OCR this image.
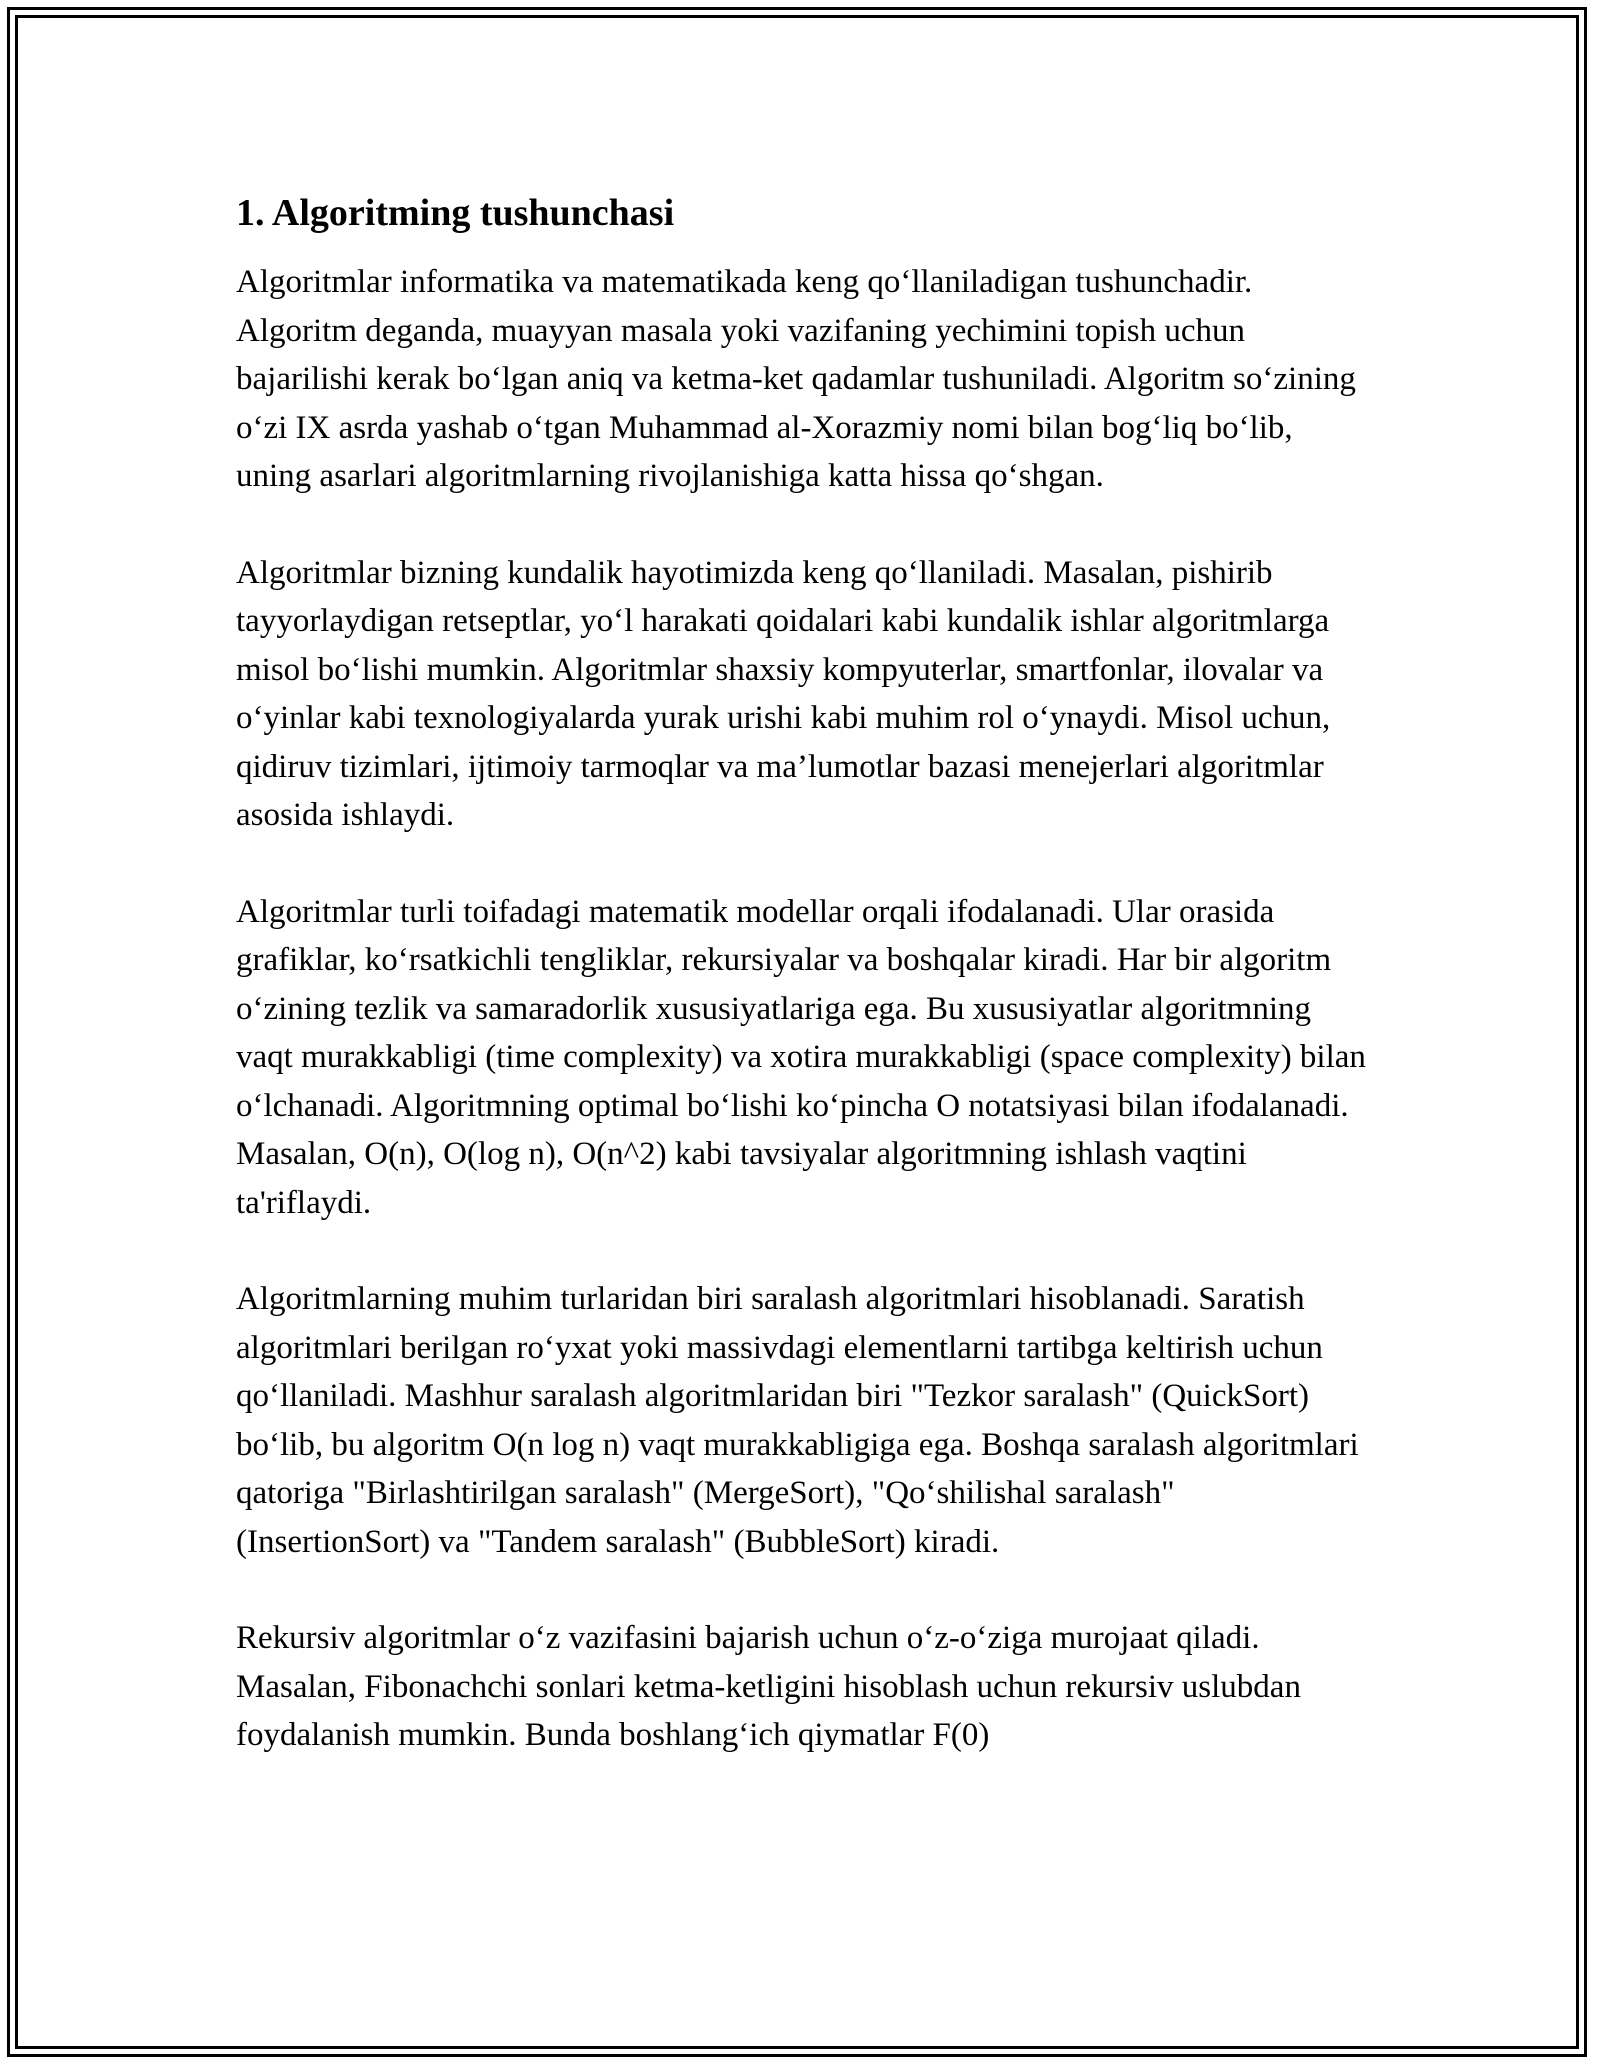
1. Algoritming tushunchasi

Algoritmlar informatika va matematikada keng qo‘llaniladigan tushunchadir. Algoritm deganda, muayyan masala yoki vazifaning yechimini topish uchun bajarilishi kerak bo‘lgan aniq va ketma-ket qadamlar tushuniladi. Algoritm so‘zining o‘zi IX asrda yashab o‘tgan Muhammad al-Xorazmiy nomi bilan bog‘liq bo‘lib, uning asarlari algoritmlarning rivojlanishiga katta hissa qo‘shgan.

Algoritmlar bizning kundalik hayotimizda keng qo‘llaniladi. Masalan, pishirib tayyorlaydigan retseptlar, yo‘l harakati qoidalari kabi kundalik ishlar algoritmlarga misol bo‘lishi mumkin. Algoritmlar shaxsiy kompyuterlar, smartfonlar, ilovalar va o‘yinlar kabi texnologiyalarda yurak urishi kabi muhim rol o‘ynaydi. Misol uchun, qidiruv tizimlari, ijtimoiy tarmoqlar va ma’lumotlar bazasi menejerlari algoritmlar asosida ishlaydi.

Algoritmlar turli toifadagi matematik modellar orqali ifodalanadi. Ular orasida grafiklar, ko‘rsatkichli tengliklar, rekursiyalar va boshqalar kiradi. Har bir algoritm o‘zining tezlik va samaradorlik xususiyatlariga ega. Bu xususiyatlar algoritmning vaqt murakkabligi (time complexity) va xotira murakkabligi (space complexity) bilan o‘lchanadi. Algoritmning optimal bo‘lishi ko‘pincha O notatsiyasi bilan ifodalanadi. Masalan, O(n), O(log n), O(n^2) kabi tavsiyalar algoritmning ishlash vaqtini ta'riflaydi.

Algoritmlarning muhim turlaridan biri saralash algoritmlari hisoblanadi. Saratish algoritmlari berilgan ro‘yxat yoki massivdagi elementlarni tartibga keltirish uchun qo‘llaniladi. Mashhur saralash algoritmlaridan biri "Tezkor saralash" (QuickSort) bo‘lib, bu algoritm O(n log n) vaqt murakkabligiga ega. Boshqa saralash algoritmlari qatoriga "Birlashtirilgan saralash" (MergeSort), "Qo‘shilishal saralash" (InsertionSort) va "Tandem saralash" (BubbleSort) kiradi.

Rekursiv algoritmlar o‘z vazifasini bajarish uchun o‘z-o‘ziga murojaat qiladi. Masalan, Fibonachchi sonlari ketma-ketligini hisoblash uchun rekursiv uslubdan foydalanish mumkin. Bunda boshlang‘ich qiymatlar F(0)
